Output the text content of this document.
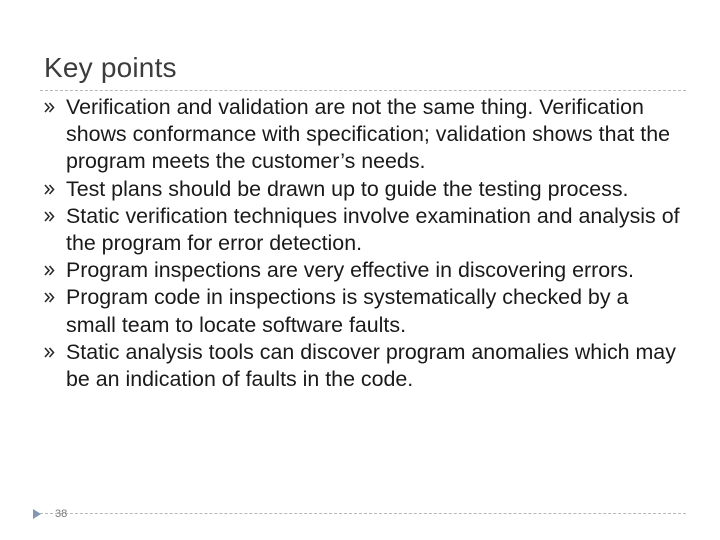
Key points
Verification and validation are not the same thing. Verification shows conformance with specification; validation shows that the program meets the customer’s needs.
Test plans should be drawn up to guide the testing process.
Static verification techniques involve examination and analysis of the program for error detection.
Program inspections are very effective in discovering errors.
Program code in inspections is systematically checked by a small team to locate software faults.
Static analysis tools can discover program anomalies which may be an indication of faults in the code.
38
